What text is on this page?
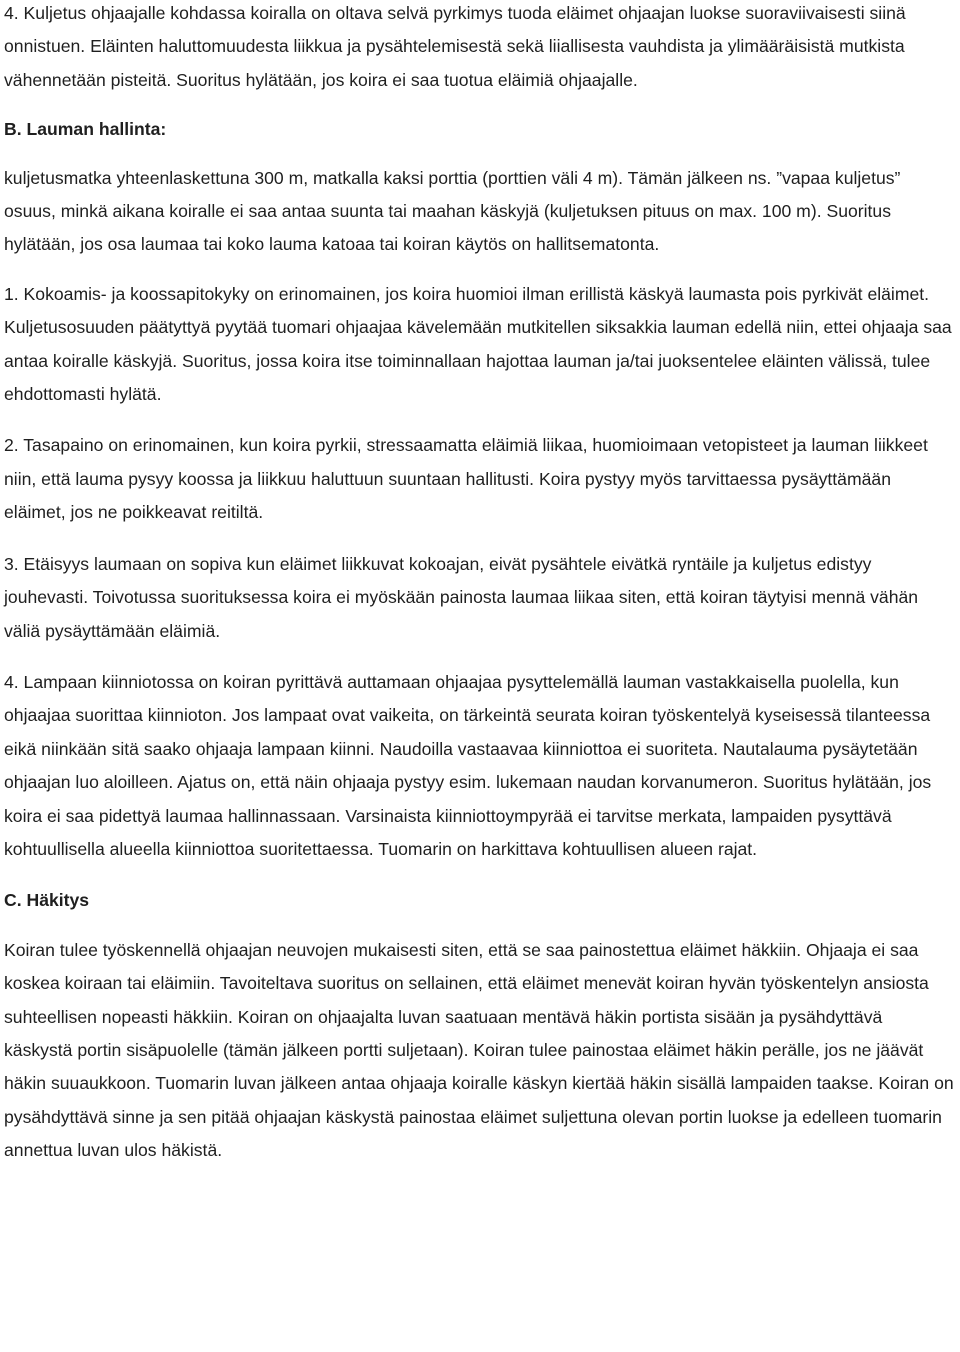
4. Kuljetus ohjaajalle kohdassa koiralla on oltava selvä pyrkimys tuoda eläimet ohjaajan luokse suoraviivaisesti siinä onnistuen. Eläinten haluttomuudesta liikkua ja pysähtelemisestä sekä liiallisesta vauhdista ja ylimääräisistä mutkista vähennetään pisteitä. Suoritus hylätään, jos koira ei saa tuotua eläimiä ohjaajalle.

B. Lauman hallinta:

kuljetusmatka yhteenlaskettuna 300 m, matkalla kaksi porttia (porttien väli 4 m). Tämän jälkeen ns. ”vapaa kuljetus” osuus, minkä aikana koiralle ei saa antaa suunta tai maahan käskyjä (kuljetuksen pituus on max. 100 m). Suoritus hylätään, jos osa laumaa tai koko lauma katoaa tai koiran käytös on hallitsematonta.

1. Kokoamis- ja koossapitokyky on erinomainen, jos koira huomioi ilman erillistä käskyä laumasta pois pyrkivät eläimet. Kuljetusosuuden päätyttyä pyytää tuomari ohjaajaa kävelemään mutkitellen siksakkia lauman edellä niin, ettei ohjaaja saa antaa koiralle käskyjä. Suoritus, jossa koira itse toiminnallaan hajottaa lauman ja/tai juoksentelee eläinten välissä, tulee ehdottomasti hylätä.

2. Tasapaino on erinomainen, kun koira pyrkii, stressaamatta eläimiä liikaa, huomioimaan vetopisteet ja lauman liikkeet niin, että lauma pysyy koossa ja liikkuu haluttuun suuntaan hallitusti. Koira pystyy myös tarvittaessa pysäyttämään eläimet, jos ne poikkeavat reitiltä.

3. Etäisyys laumaan on sopiva kun eläimet liikkuvat kokoajan, eivät pysähtele eivätkä ryntäile ja kuljetus edistyy jouhevasti. Toivotussa suorituksessa koira ei myöskään painosta laumaa liikaa siten, että koiran täytyisi mennä vähän väliä pysäyttämään eläimiä.

4. Lampaan kiinniotossa on koiran pyrittävä auttamaan ohjaajaa pysyttelemällä lauman vastakkaisella puolella, kun ohjaajaa suorittaa kiinnioton. Jos lampaat ovat vaikeita, on tärkeintä seurata koiran työskentelyä kyseisessä tilanteessa eikä niinkään sitä saako ohjaaja lampaan kiinni. Naudoilla vastaavaa kiinniottoa ei suoriteta. Nautalauma pysäytetään ohjaajan luo aloilleen. Ajatus on, että näin ohjaaja pystyy esim. lukemaan naudan korvanumeron. Suoritus hylätään, jos koira ei saa pidettyä laumaa hallinnassaan. Varsinaista kiinniottoympyrää ei tarvitse merkata, lampaiden pysyttävä kohtuullisella alueella kiinniottoa suoritettaessa. Tuomarin on harkittava kohtuullisen alueen rajat.

C. Häkitys

Koiran tulee työskennellä ohjaajan neuvojen mukaisesti siten, että se saa painostettua eläimet häkkiin. Ohjaaja ei saa koskea koiraan tai eläimiin. Tavoiteltava suoritus on sellainen, että eläimet menevät koiran hyvän työskentelyn ansiosta suhteellisen nopeasti häkkiin. Koiran on ohjaajalta luvan saatuaan mentävä häkin portista sisään ja pysähdyttävä käskystä portin sisäpuolelle (tämän jälkeen portti suljetaan). Koiran tulee painostaa eläimet häkin perälle, jos ne jäävät häkin suuaukkoon. Tuomarin luvan jälkeen antaa ohjaaja koiralle käskyn kiertää häkin sisällä lampaiden taakse. Koiran on pysähdyttävä sinne ja sen pitää ohjaajan käskystä painostaa eläimet suljettuna olevan portin luokse ja edelleen tuomarin annettua luvan ulos häkistä.
